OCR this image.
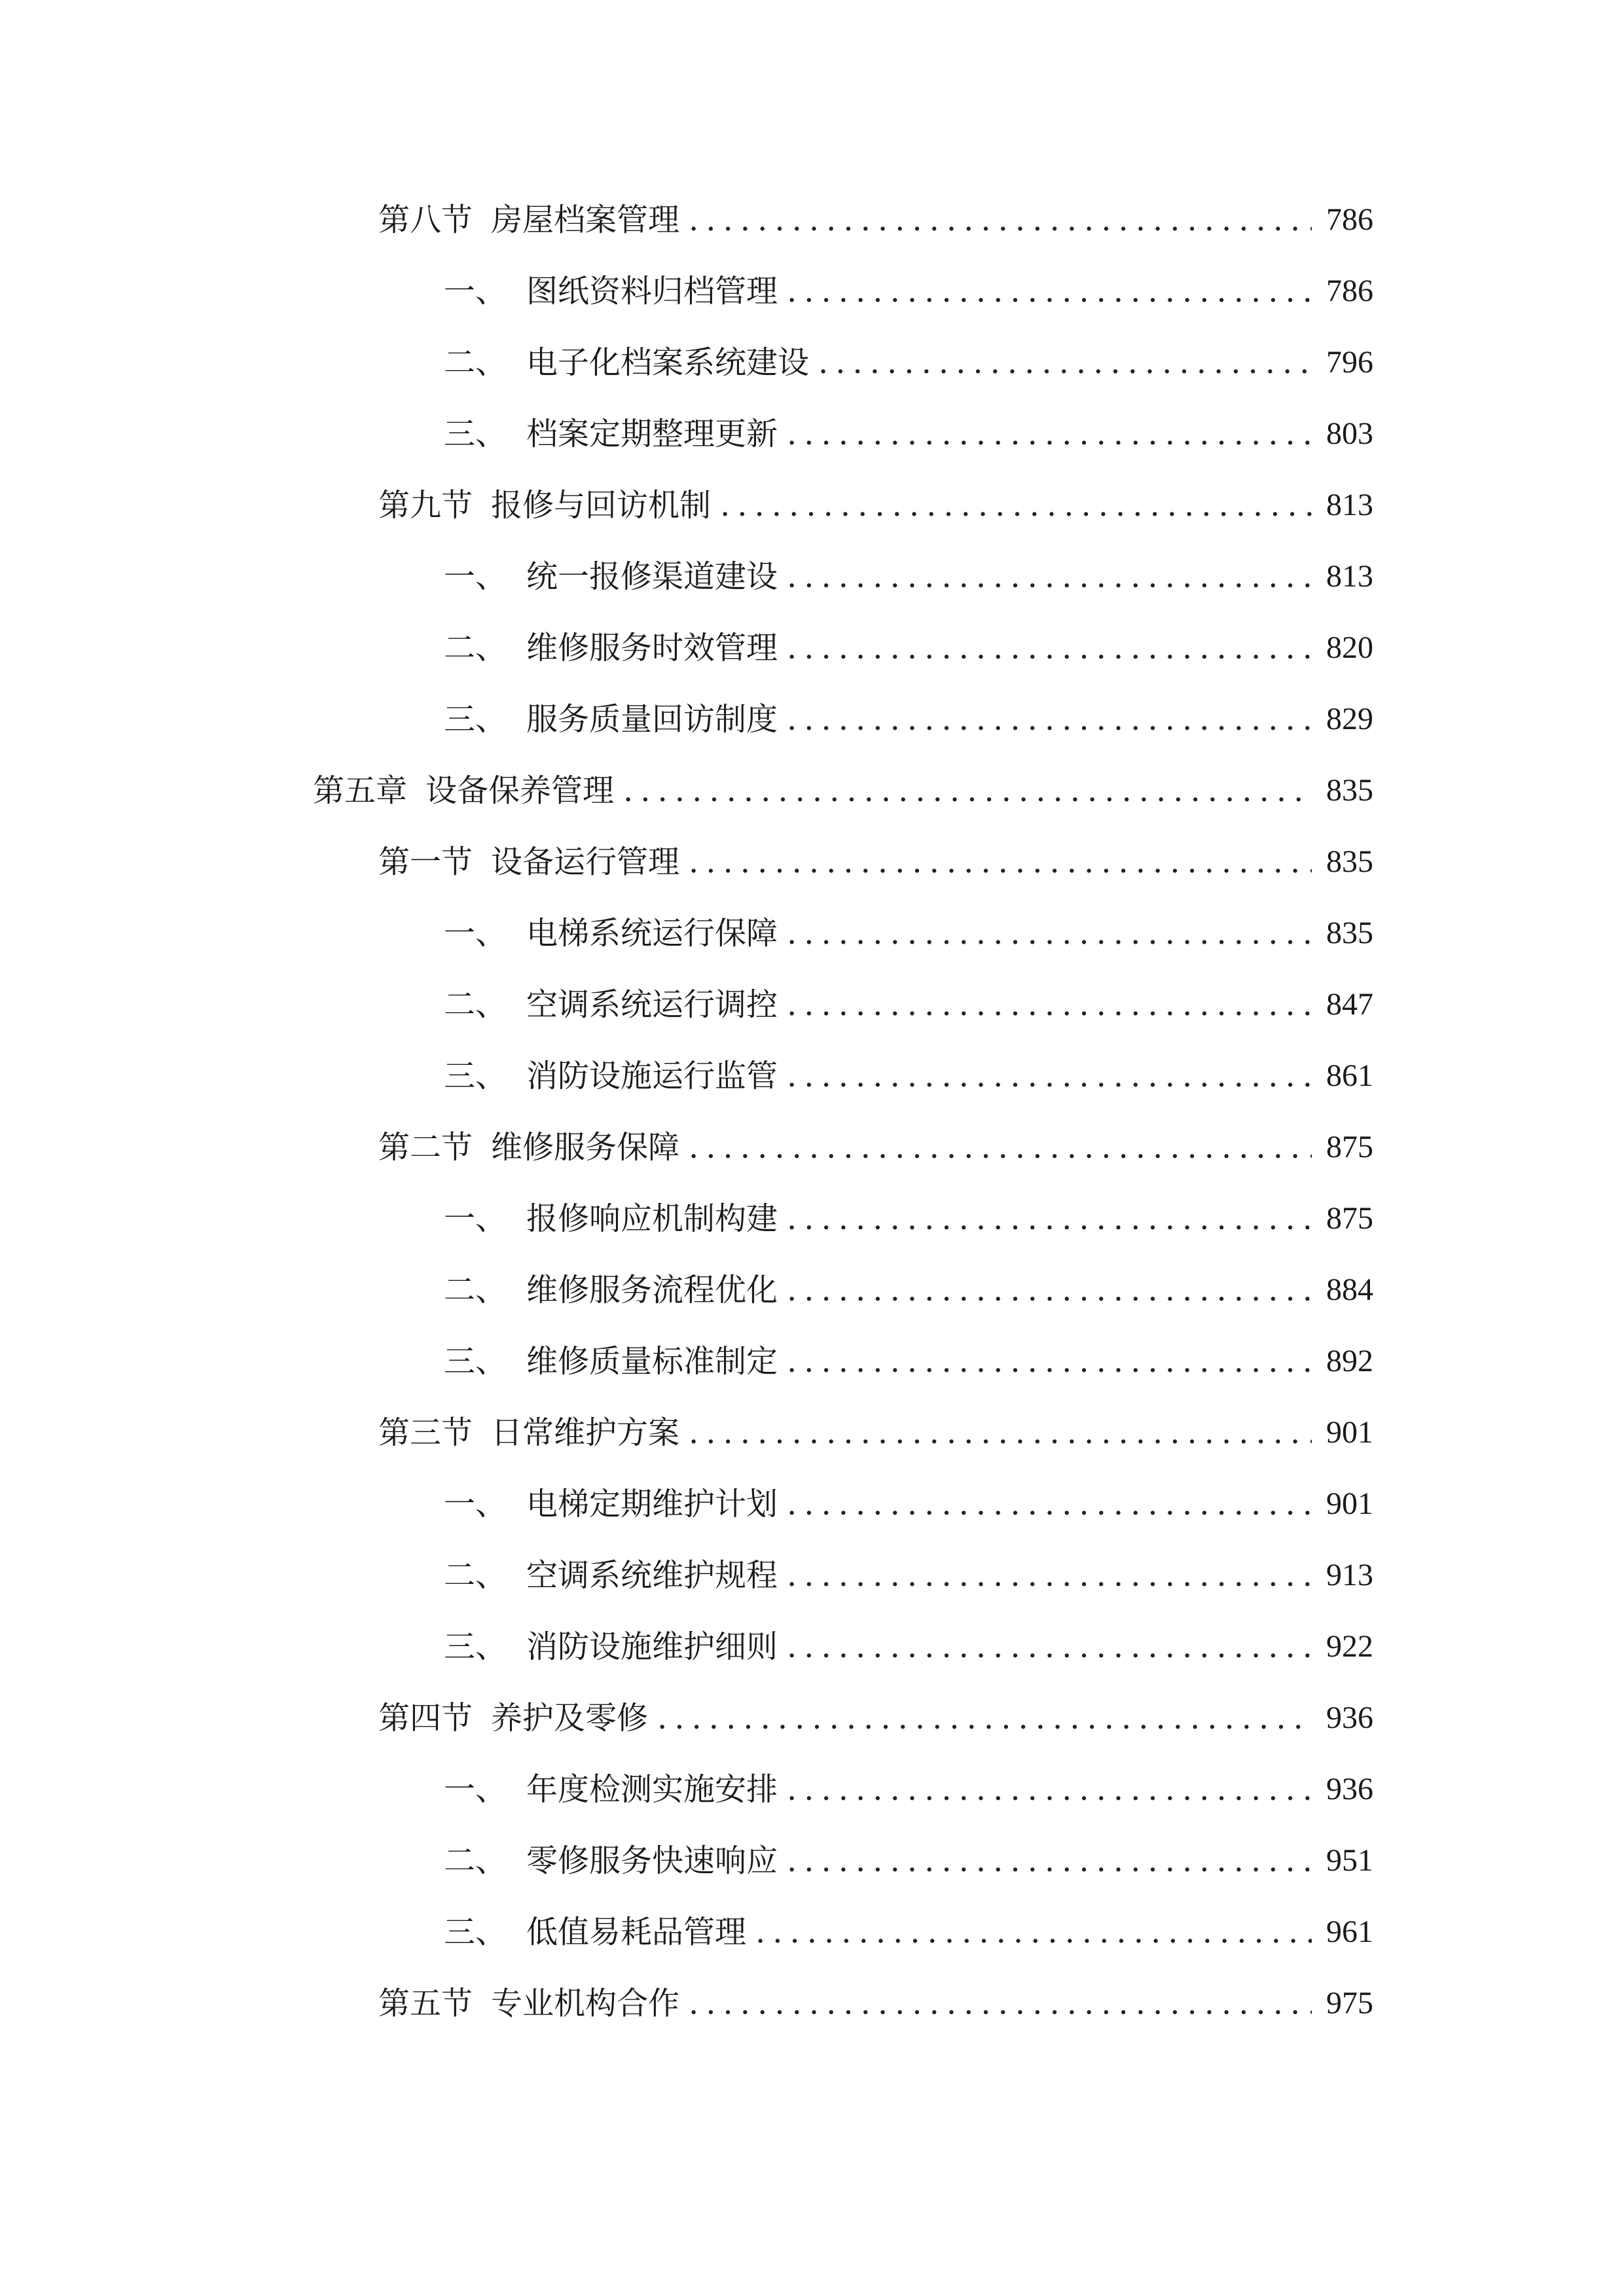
第八节 房屋档案管理 .....	786
一、 图纸资料归档管理 .....	786
二、 电子化档案系统建设 .....	796
三、 档案定期整理更新 .....	803
第九节 报修与回访机制 .....	813
一、 统一报修渠道建设 .....	813
二、 维修服务时效管理 .....	820
三、 服务质量回访制度 .....	829
第五章 设备保养管理 .....	835
第一节 设备运行管理 .....	835
一、 电梯系统运行保障 .....	835
二、 空调系统运行调控 .....	847
三、 消防设施运行监管 .....	861
第二节 维修服务保障 .....	875
一、 报修响应机制构建 .....	875
二、 维修服务流程优化 .....	884
三、 维修质量标准制定 .....	892
第三节 日常维护方案 .....	901
一、 电梯定期维护计划 .....	901
二、 空调系统维护规程 .....	913
三、 消防设施维护细则 .....	922
第四节 养护及零修 .....	936
一、 年度检测实施安排 .....	936
二、 零修服务快速响应 .....	951
三、 低值易耗品管理 .....	961
第五节 专业机构合作 .....	975
